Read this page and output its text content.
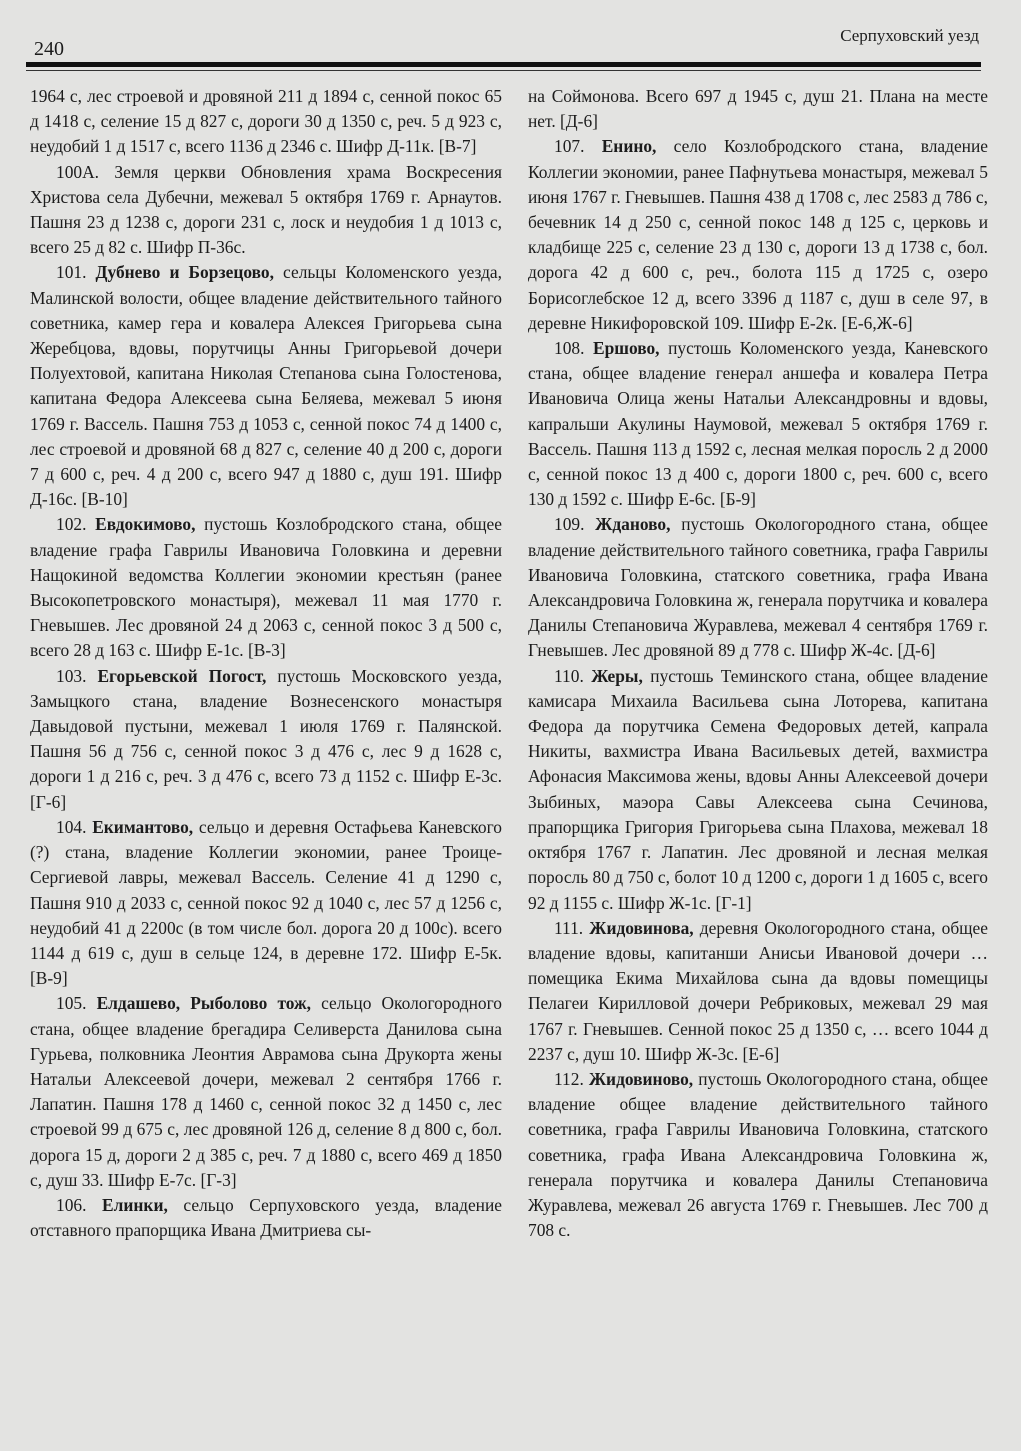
240
Серпуховский уезд

1964 с, лес строевой и дровяной 211 д 1894 с, сенной покос 65 д 1418 с, селение 15 д 827 с, дороги 30 д 1350 с, реч. 5 д 923 с, неудобий 1 д 1517 с, всего 1136 д 2346 с. Шифр Д-11к. [В-7]

100А. Земля церкви Обновления храма Воскресения Христова села Дубечни, межевал 5 октября 1769 г. Арнаутов. Пашня 23 д 1238 с, дороги 231 с, лоск и неудобия 1 д 1013 с, всего 25 д 82 с. Шифр П-36с.

101. Дубнево и Борзецово, сельцы Коломенского уезда, Малинской волости, общее владение действительного тайного советника, камер гера и ковалера Алексея Григорьева сына Жеребцова, вдовы, порутчицы Анны Григорьевой дочери Полуехтовой, капитана Николая Степанова сына Голостенова, капитана Федора Алексеева сына Беляева, межевал 5 июня 1769 г. Вассель. Пашня 753 д 1053 с, сенной покос 74 д 1400 с, лес строевой и дровяной 68 д 827 с, селение 40 д 200 с, дороги 7 д 600 с, реч. 4 д 200 с, всего 947 д 1880 с, душ 191. Шифр Д-16с. [В-10]

102. Евдокимово, пустошь Козлобродского стана, общее владение графа Гаврилы Ивановича Головкина и деревни Нащокиной ведомства Коллегии экономии крестьян (ранее Высокопетровского монастыря), межевал 11 мая 1770 г. Гневышев. Лес дровяной 24 д 2063 с, сенной покос 3 д 500 с, всего 28 д 163 с. Шифр Е-1с. [В-3]

103. Егорьевской Погост, пустошь Московского уезда, Замыцкого стана, владение Вознесенского монастыря Давыдовой пустыни, межевал 1 июля 1769 г. Палянской. Пашня 56 д 756 с, сенной покос 3 д 476 с, лес 9 д 1628 с, дороги 1 д 216 с, реч. 3 д 476 с, всего 73 д 1152 с. Шифр Е-3с. [Г-6]

104. Екимантово, сельцо и деревня Остафьева Каневского (?) стана, владение Коллегии экономии, ранее Троице-Сергиевой лавры, межевал Вассель. Селение 41 д 1290 с, Пашня 910 д 2033 с, сенной покос 92 д 1040 с, лес 57 д 1256 с, неудобий 41 д 2200с (в том числе бол. дорога 20 д 100с). всего 1144 д 619 с, душ в сельце 124, в деревне 172. Шифр Е-5к. [В-9]

105. Елдашево, Рыболово тож, сельцо Окологородного стана, общее владение брегадира Селиверста Данилова сына Гурьева, полковника Леонтия Аврамова сына Друкорта жены Натальи Алексеевой дочери, межевал 2 сентября 1766 г. Лапатин. Пашня 178 д 1460 с, сенной покос 32 д 1450 с, лес строевой 99 д 675 с, лес дровяной 126 д, селение 8 д 800 с, бол. дорога 15 д, дороги 2 д 385 с, реч. 7 д 1880 с, всего 469 д 1850 с, душ 33. Шифр Е-7с. [Г-3]

106. Елинки, сельцо Серпуховского уезда, владение отставного прапорщика Ивана Дмитриева сы-

на Соймонова. Всего 697 д 1945 с, душ 21. Плана на месте нет. [Д-6]

107. Енино, село Козлобродского стана, владение Коллегии экономии, ранее Пафнутьева монастыря, межевал 5 июня 1767 г. Гневышев. Пашня 438 д 1708 с, лес 2583 д 786 с, бечевник 14 д 250 с, сенной покос 148 д 125 с, церковь и кладбище 225 с, селение 23 д 130 с, дороги 13 д 1738 с, бол. дорога 42 д 600 с, реч., болота 115 д 1725 с, озеро Борисоглебское 12 д, всего 3396 д 1187 с, душ в селе 97, в деревне Никифоровской 109. Шифр Е-2к. [Е-6,Ж-6]

108. Ершово, пустошь Коломенского уезда, Каневского стана, общее владение генерал аншефа и ковалера Петра Ивановича Олица жены Натальи Александровны и вдовы, капральши Акулины Наумовой, межевал 5 октября 1769 г. Вассель. Пашня 113 д 1592 с, лесная мелкая поросль 2 д 2000 с, сенной покос 13 д 400 с, дороги 1800 с, реч. 600 с, всего 130 д 1592 с. Шифр Е-6с. [Б-9]

109. Жданово, пустошь Окологородного стана, общее владение действительного тайного советника, графа Гаврилы Ивановича Головкина, статского советника, графа Ивана Александровича Головкина ж, генерала порутчика и ковалера Данилы Степановича Журавлева, межевал 4 сентября 1769 г. Гневышев. Лес дровяной 89 д 778 с. Шифр Ж-4с. [Д-6]

110. Жеры, пустошь Теминского стана, общее владение камисара Михаила Васильева сына Лоторева, капитана Федора да порутчика Семена Федоровых детей, капрала Никиты, вахмистра Ивана Васильевых детей, вахмистра Афонасия Максимова жены, вдовы Анны Алексеевой дочери Зыбиных, маэора Савы Алексеева сына Сечинова, прапорщика Григория Григорьева сына Плахова, межевал 18 октября 1767 г. Лапатин. Лес дровяной и лесная мелкая поросль 80 д 750 с, болот 10 д 1200 с, дороги 1 д 1605 с, всего 92 д 1155 с. Шифр Ж-1с. [Г-1]

111. Жидовинова, деревня Окологородного стана, общее владение вдовы, капитанши Анисьи Ивановой дочери … помещика Екима Михайлова сына да вдовы помещицы Пелагеи Кирилловой дочери Ребриковых, межевал 29 мая 1767 г. Гневышев. Сенной покос 25 д 1350 с, … всего 1044 д 2237 с, душ 10. Шифр Ж-3с. [Е-6]

112. Жидовиново, пустошь Окологородного стана, общее владение общее владение действительного тайного советника, графа Гаврилы Ивановича Головкина, статского советника, графа Ивана Александровича Головкина ж, генерала порутчика и ковалера Данилы Степановича Журавлева, межевал 26 августа 1769 г. Гневышев. Лес 700 д 708 с.
